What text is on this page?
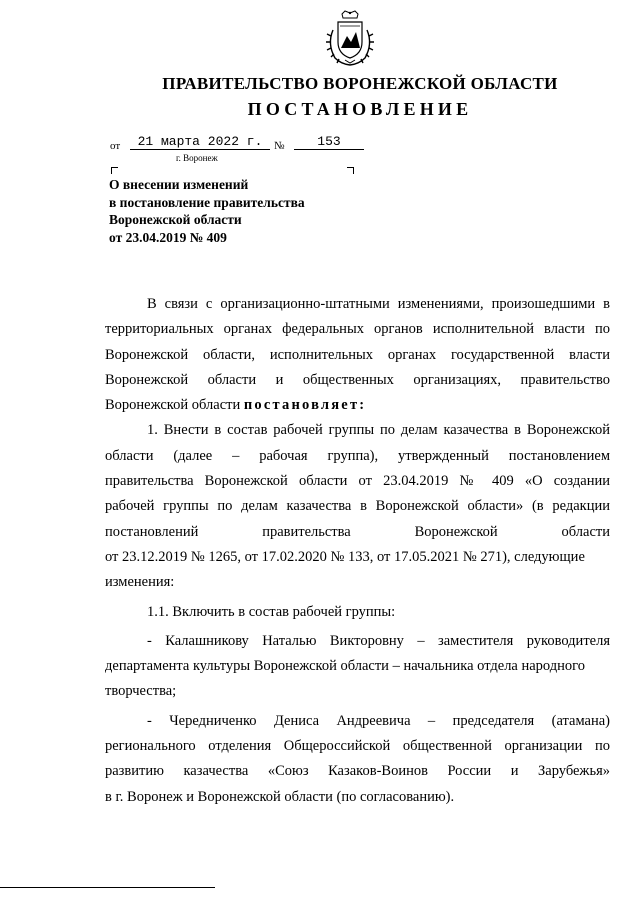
ПРАВИТЕЛЬСТВО ВОРОНЕЖСКОЙ ОБЛАСТИ
ПОСТАНОВЛЕНИЕ
от	21 марта 2022 г.	№	153
г. Воронеж
О внесении изменений
в постановление правительства
Воронежской области
от 23.04.2019 № 409

В связи с организационно-штатными изменениями, произошедшими в
территориальных органах федеральных органов исполнительной власти по
Воронежской области, исполнительных органах государственной власти
Воронежской области и общественных организациях, правительство
Воронежской области постановляет:

1. Внести в состав рабочей группы по делам казачества в Воронежской
области (далее – рабочая группа), утвержденный постановлением
правительства Воронежской области от 23.04.2019 № 409 «О создании
рабочей группы по делам казачества в Воронежской области» (в редакции
постановлений правительства Воронежской области
от 23.12.2019 № 1265, от 17.02.2020 № 133, от 17.05.2021 № 271), следующие
изменения:

1.1. Включить в состав рабочей группы:

- Калашникову Наталью Викторовну – заместителя руководителя
департамента культуры Воронежской области – начальника отдела народного
творчества;

- Чередниченко Дениса Андреевича – председателя (атамана)
регионального отделения Общероссийской общественной организации по
развитию казачества «Союз Казаков-Воинов России и Зарубежья»
в г. Воронеж и Воронежской области (по согласованию).
